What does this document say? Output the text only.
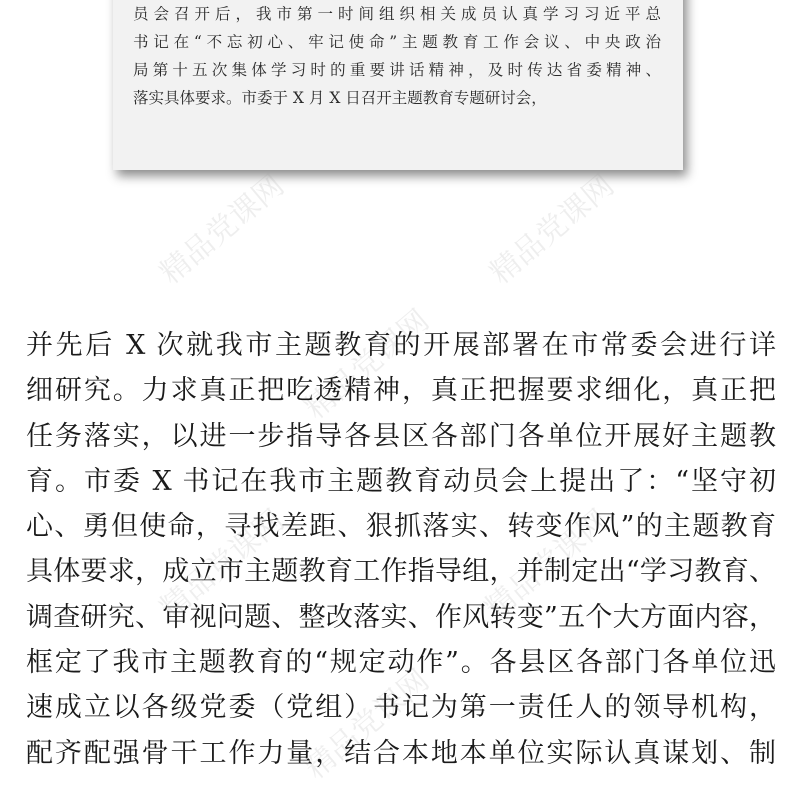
员会召开后，我市第一时间组织相关成员认真学习习近平总
书记在“不忘初心、牢记使命”主题教育工作会议、中央政治
局第十五次集体学习时的重要讲话精神，及时传达省委精神、
落实具体要求。市委于 X 月 X 日召开主题教育专题研讨会，
精品党课网	精品党课网
精品党课网
精品党课网	精品党课网
精品党课网
并先后 X 次就我市主题教育的开展部署在市常委会进行详
细研究。力求真正把吃透精神，真正把握要求细化，真正把
任务落实，以进一步指导各县区各部门各单位开展好主题教
育。市委 X 书记在我市主题教育动员会上提出了：“坚守初
心、勇但使命，寻找差距、狠抓落实、转变作风”的主题教育
具体要求，成立市主题教育工作指导组，并制定出“学习教育、
调查研究、审视问题、整改落实、作风转变”五个大方面内容，
框定了我市主题教育的“规定动作”。各县区各部门各单位迅
速成立以各级党委（党组）书记为第一责任人的领导机构，
配齐配强骨干工作力量，结合本地本单位实际认真谋划、制
